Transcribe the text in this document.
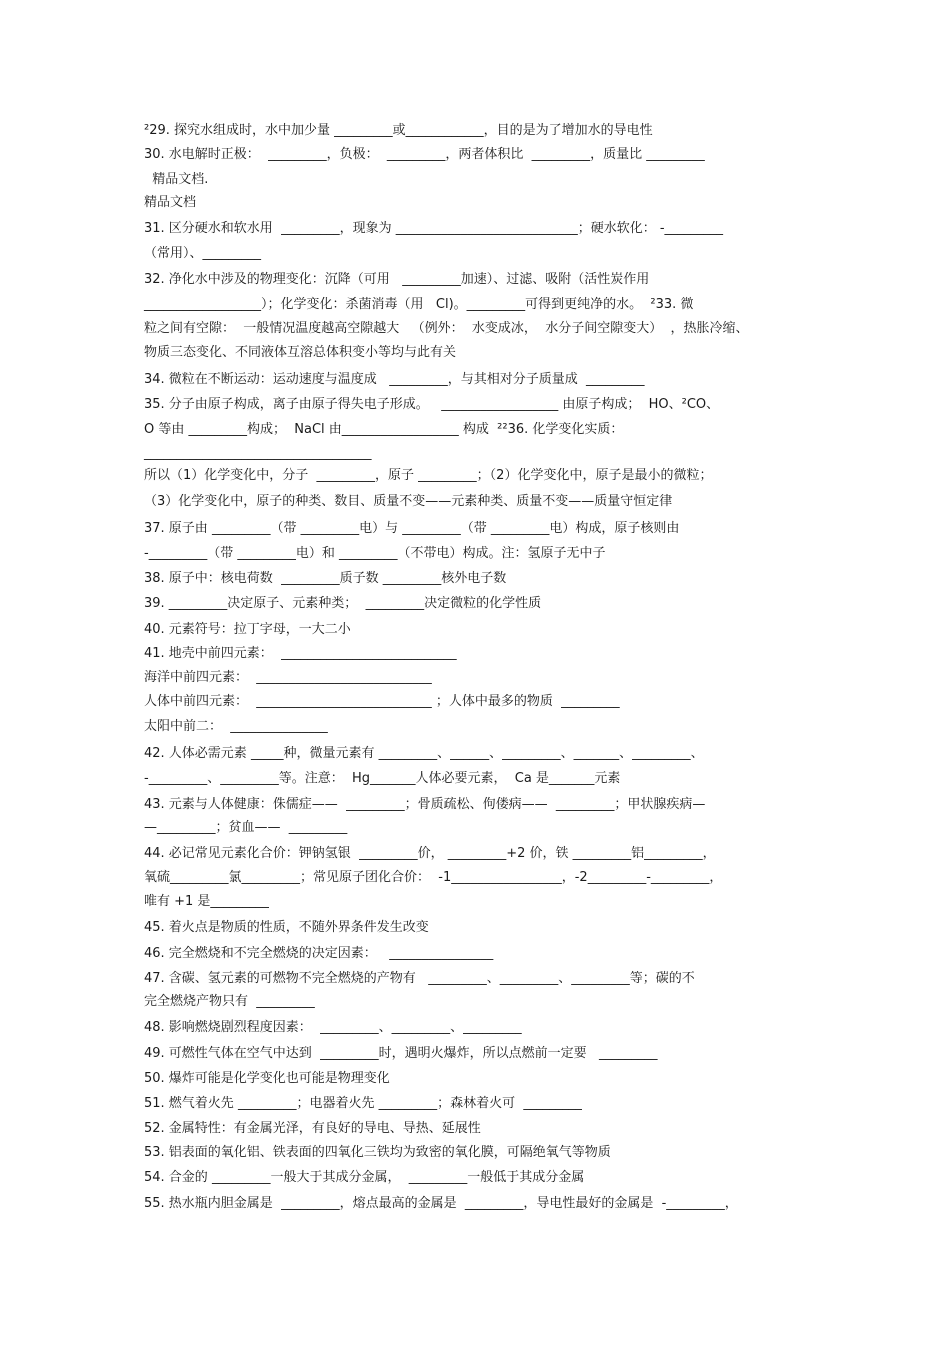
²29. 探究水组成时，水中加少量 _________或____________，目的是为了增加水的导电性
30. 水电解时正极：  _________，负极：  _________，两者体积比  _________，质量比 _________
精品文档.
精品文档
31. 区分硬水和软水用  _________，现象为 ____________________________；硬水软化： -_________
（常用）、_________
32. 净化水中涉及的物理变化：沉降（可用   _________加速）、过滤、吸附（活性炭作用
__________________）；化学变化：杀菌消毒（用   Cl)。_________可得到更纯净的水。  ²33. 微
粒之间有空隙：  一般情况温度越高空隙越大   （例外：  水变成冰，  水分子间空隙变大）  ，热胀冷缩、
物质三态变化、不同液体互溶总体积变小等均与此有关
34. 微粒在不断运动：运动速度与温度成   _________，与其相对分子质量成  _________
35. 分子由原子构成，离子由原子得失电子形成。   __________________ 由原子构成；  HO、²CO、
O 等由 _________构成；  NaCl 由__________________ 构成  ²²36. 化学变化实质：
___________________________________
所以（1）化学变化中，分子  _________，原子 _________；（2）化学变化中，原子是最小的微粒；
（3）化学变化中，原子的种类、数目、质量不变——元素种类、质量不变——质量守恒定律
37. 原子由 _________（带 _________电）与 _________（带 _________电）构成，原子核则由
-_________（带 _________电）和 _________（不带电）构成。注：氢原子无中子
38. 原子中：核电荷数  _________质子数 _________核外电子数
39. _________决定原子、元素种类；  _________决定微粒的化学性质
40. 元素符号：拉丁字母，一大二小
41. 地壳中前四元素：  ___________________________
海洋中前四元素：  ___________________________
人体中前四元素：  ___________________________ ；人体中最多的物质  _________
太阳中前二：  _______________
42. 人体必需元素 _____种，微量元素有 _________、______、_________、_______、_________、
-_________、_________等。注意：  Hg_______人体必要元素，  Ca 是_______元素
43. 元素与人体健康：侏儒症——  _________；骨质疏松、佝偻病——  _________；甲状腺疾病—
—_________；贫血——  _________
44. 必记常见元素化合价：钾钠氢银  _________价， _________+2 价，铁 _________铝_________，
氧硫_________氯_________；常见原子团化合价：  -1_________________，-2_________-_________，
唯有 +1 是_________
45. 着火点是物质的性质，不随外界条件发生改变
46. 完全燃烧和不完全燃烧的决定因素：   ________________
47. 含碳、氢元素的可燃物不完全燃烧的产物有   _________、_________、_________等；碳的不
完全燃烧产物只有  _________
48. 影响燃烧剧烈程度因素：  _________、_________、_________
49. 可燃性气体在空气中达到  _________时，遇明火爆炸，所以点燃前一定要   _________
50. 爆炸可能是化学变化也可能是物理变化
51. 燃气着火先 _________；电器着火先 _________；森林着火可  _________
52. 金属特性：有金属光泽，有良好的导电、导热、延展性
53. 铝表面的氧化铝、铁表面的四氧化三铁均为致密的氧化膜，可隔绝氧气等物质
54. 合金的 _________一般大于其成分金属，  _________一般低于其成分金属
55. 热水瓶内胆金属是  _________，熔点最高的金属是  _________，导电性最好的金属是  -_________，
